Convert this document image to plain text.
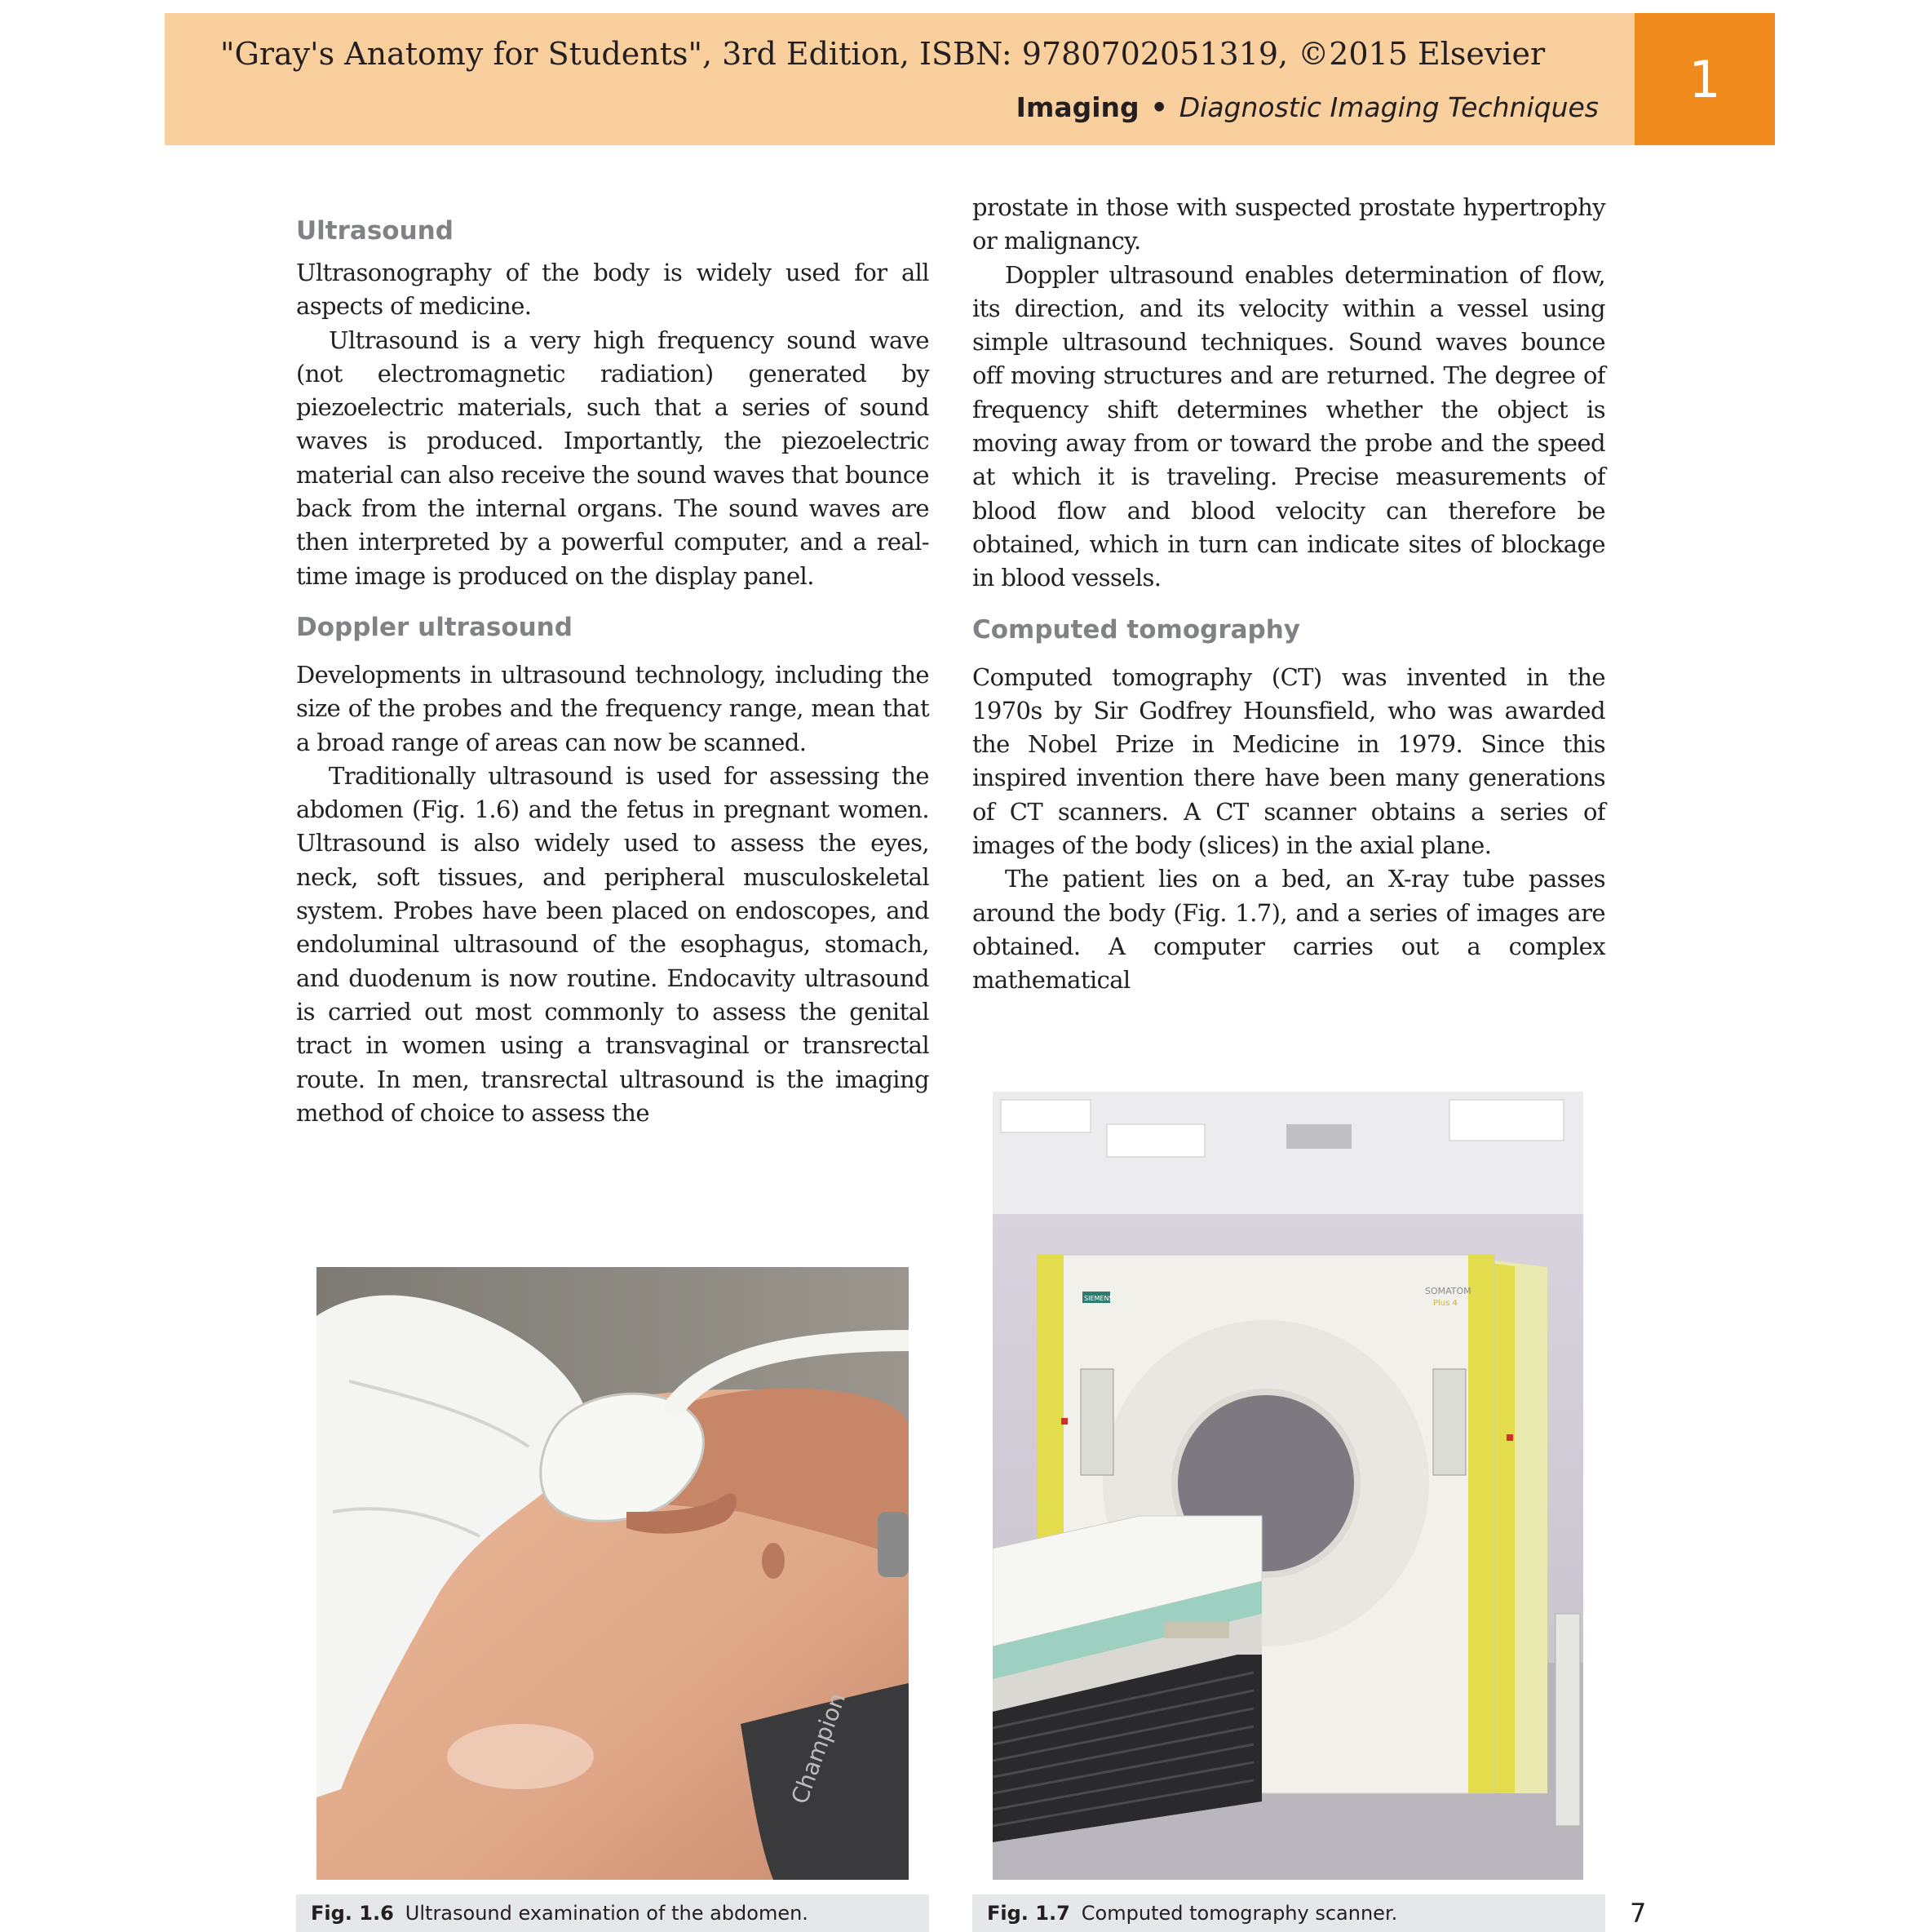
"Gray's Anatomy for Students", 3rd Edition, ISBN: 9780702051319, ©2015 Elsevier
Imaging • Diagnostic Imaging Techniques	1
Ultrasound

Ultrasonography of the body is widely used for all aspects of medicine.

Ultrasound is a very high frequency sound wave (not electromagnetic radiation) generated by piezoelectric materials, such that a series of sound waves is produced. Importantly, the piezoelectric material can also receive the sound waves that bounce back from the internal organs. The sound waves are then interpreted by a powerful computer, and a real-time image is produced on the display panel.

Doppler ultrasound

Developments in ultrasound technology, including the size of the probes and the frequency range, mean that a broad range of areas can now be scanned.

Traditionally ultrasound is used for assessing the abdomen (Fig. 1.6) and the fetus in pregnant women. Ultrasound is also widely used to assess the eyes, neck, soft tissues, and peripheral musculoskeletal system. Probes have been placed on endoscopes, and endoluminal ultrasound of the esophagus, stomach, and duodenum is now routine. Endocavity ultrasound is carried out most commonly to assess the genital tract in women using a transvaginal or transrectal route. In men, transrectal ultrasound is the imaging method of choice to assess the

prostate in those with suspected prostate hypertrophy or malignancy.

Doppler ultrasound enables determination of flow, its direction, and its velocity within a vessel using simple ultrasound techniques. Sound waves bounce off moving structures and are returned. The degree of frequency shift determines whether the object is moving away from or toward the probe and the speed at which it is traveling. Precise measurements of blood flow and blood velocity can therefore be obtained, which in turn can indicate sites of blockage in blood vessels.

Computed tomography

Computed tomography (CT) was invented in the 1970s by Sir Godfrey Hounsfield, who was awarded the Nobel Prize in Medicine in 1979. Since this inspired invention there have been many generations of CT scanners. A CT scanner obtains a series of images of the body (slices) in the axial plane.

The patient lies on a bed, an X-ray tube passes around the body (Fig. 1.7), and a series of images are obtained. A computer carries out a complex mathematical

Champion
SIEMENS
SOMATOM
Plus 4
Fig. 1.6 Ultrasound examination of the abdomen.	Fig. 1.7 Computed tomography scanner.	7
